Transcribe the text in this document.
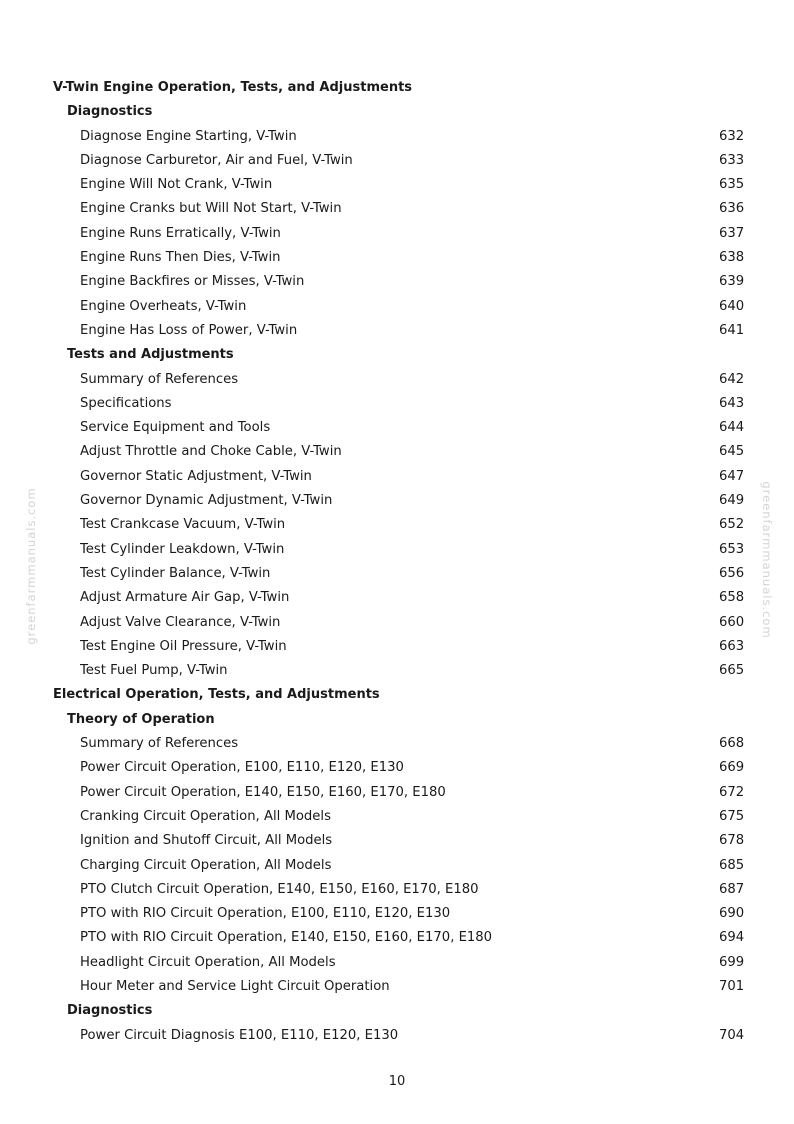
greenfarmmanuals.com	greenfarmmanuals.com
V-Twin Engine Operation, Tests, and Adjustments
Diagnostics
Diagnose Engine Starting, V-Twin	632
Diagnose Carburetor, Air and Fuel, V-Twin	633
Engine Will Not Crank, V-Twin	635
Engine Cranks but Will Not Start, V-Twin	636
Engine Runs Erratically, V-Twin	637
Engine Runs Then Dies, V-Twin	638
Engine Backfires or Misses, V-Twin	639
Engine Overheats, V-Twin	640
Engine Has Loss of Power, V-Twin	641
Tests and Adjustments
Summary of References	642
Specifications	643
Service Equipment and Tools	644
Adjust Throttle and Choke Cable, V-Twin	645
Governor Static Adjustment, V-Twin	647
Governor Dynamic Adjustment, V-Twin	649
Test Crankcase Vacuum, V-Twin	652
Test Cylinder Leakdown, V-Twin	653
Test Cylinder Balance, V-Twin	656
Adjust Armature Air Gap, V-Twin	658
Adjust Valve Clearance, V-Twin	660
Test Engine Oil Pressure, V-Twin	663
Test Fuel Pump, V-Twin	665
Electrical Operation, Tests, and Adjustments
Theory of Operation
Summary of References	668
Power Circuit Operation, E100, E110, E120, E130	669
Power Circuit Operation, E140, E150, E160, E170, E180	672
Cranking Circuit Operation, All Models	675
Ignition and Shutoff Circuit, All Models	678
Charging Circuit Operation, All Models	685
PTO Clutch Circuit Operation, E140, E150, E160, E170, E180	687
PTO with RIO Circuit Operation, E100, E110, E120, E130	690
PTO with RIO Circuit Operation, E140, E150, E160, E170, E180	694
Headlight Circuit Operation, All Models	699
Hour Meter and Service Light Circuit Operation	701
Diagnostics
Power Circuit Diagnosis E100, E110, E120, E130	704
10
